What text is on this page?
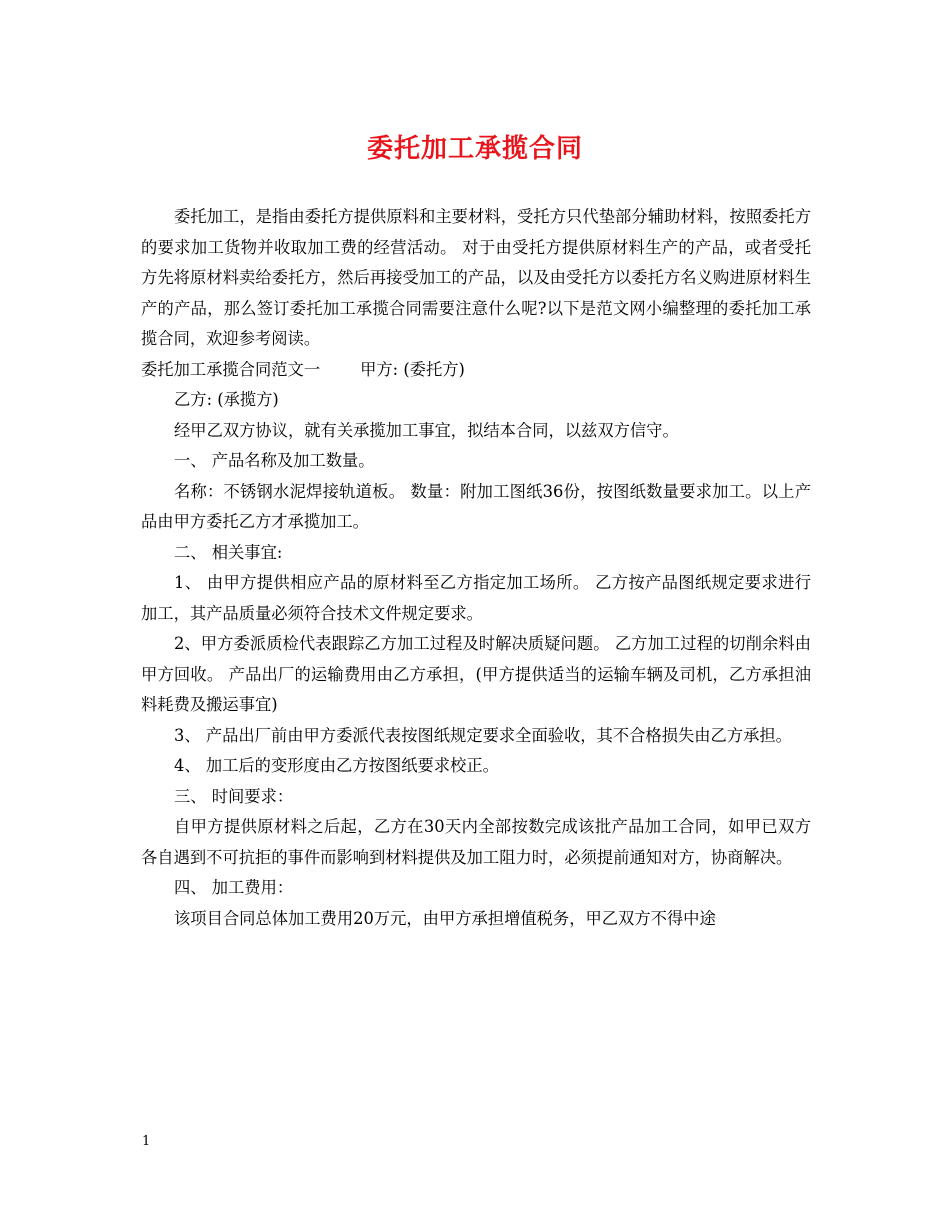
委托加工承揽合同

委托加工，是指由委托方提供原料和主要材料，受托方只代垫部分辅助材料，按照委托方的要求加工货物并收取加工费的经营活动。 对于由受托方提供原材料生产的产品，或者受托方先将原材料卖给委托方，然后再接受加工的产品，以及由受托方以委托方名义购进原材料生产的产品，那么签订委托加工承揽合同需要注意什么呢?以下是范文网小编整理的委托加工承揽合同，欢迎参考阅读。

委托加工承揽合同范文一 甲方: (委托方)

乙方: (承揽方)

经甲乙双方协议，就有关承揽加工事宜，拟结本合同，以兹双方信守。

一、 产品名称及加工数量。

名称：不锈钢水泥焊接轨道板。 数量：附加工图纸36份，按图纸数量要求加工。以上产品由甲方委托乙方才承揽加工。

二、 相关事宜:

1、 由甲方提供相应产品的原材料至乙方指定加工场所。 乙方按产品图纸规定要求进行加工，其产品质量必须符合技术文件规定要求。

2、甲方委派质检代表跟踪乙方加工过程及时解决质疑问题。 乙方加工过程的切削余料由甲方回收。 产品出厂的运输费用由乙方承担，(甲方提供适当的运输车辆及司机，乙方承担油料耗费及搬运事宜)

3、 产品出厂前由甲方委派代表按图纸规定要求全面验收，其不合格损失由乙方承担。

4、 加工后的变形度由乙方按图纸要求校正。

三、 时间要求：

自甲方提供原材料之后起，乙方在30天内全部按数完成该批产品加工合同，如甲已双方各自遇到不可抗拒的事件而影响到材料提供及加工阻力时，必须提前通知对方，协商解决。

四、 加工费用：

该项目合同总体加工费用20万元，由甲方承担增值税务，甲乙双方不得中途

1
